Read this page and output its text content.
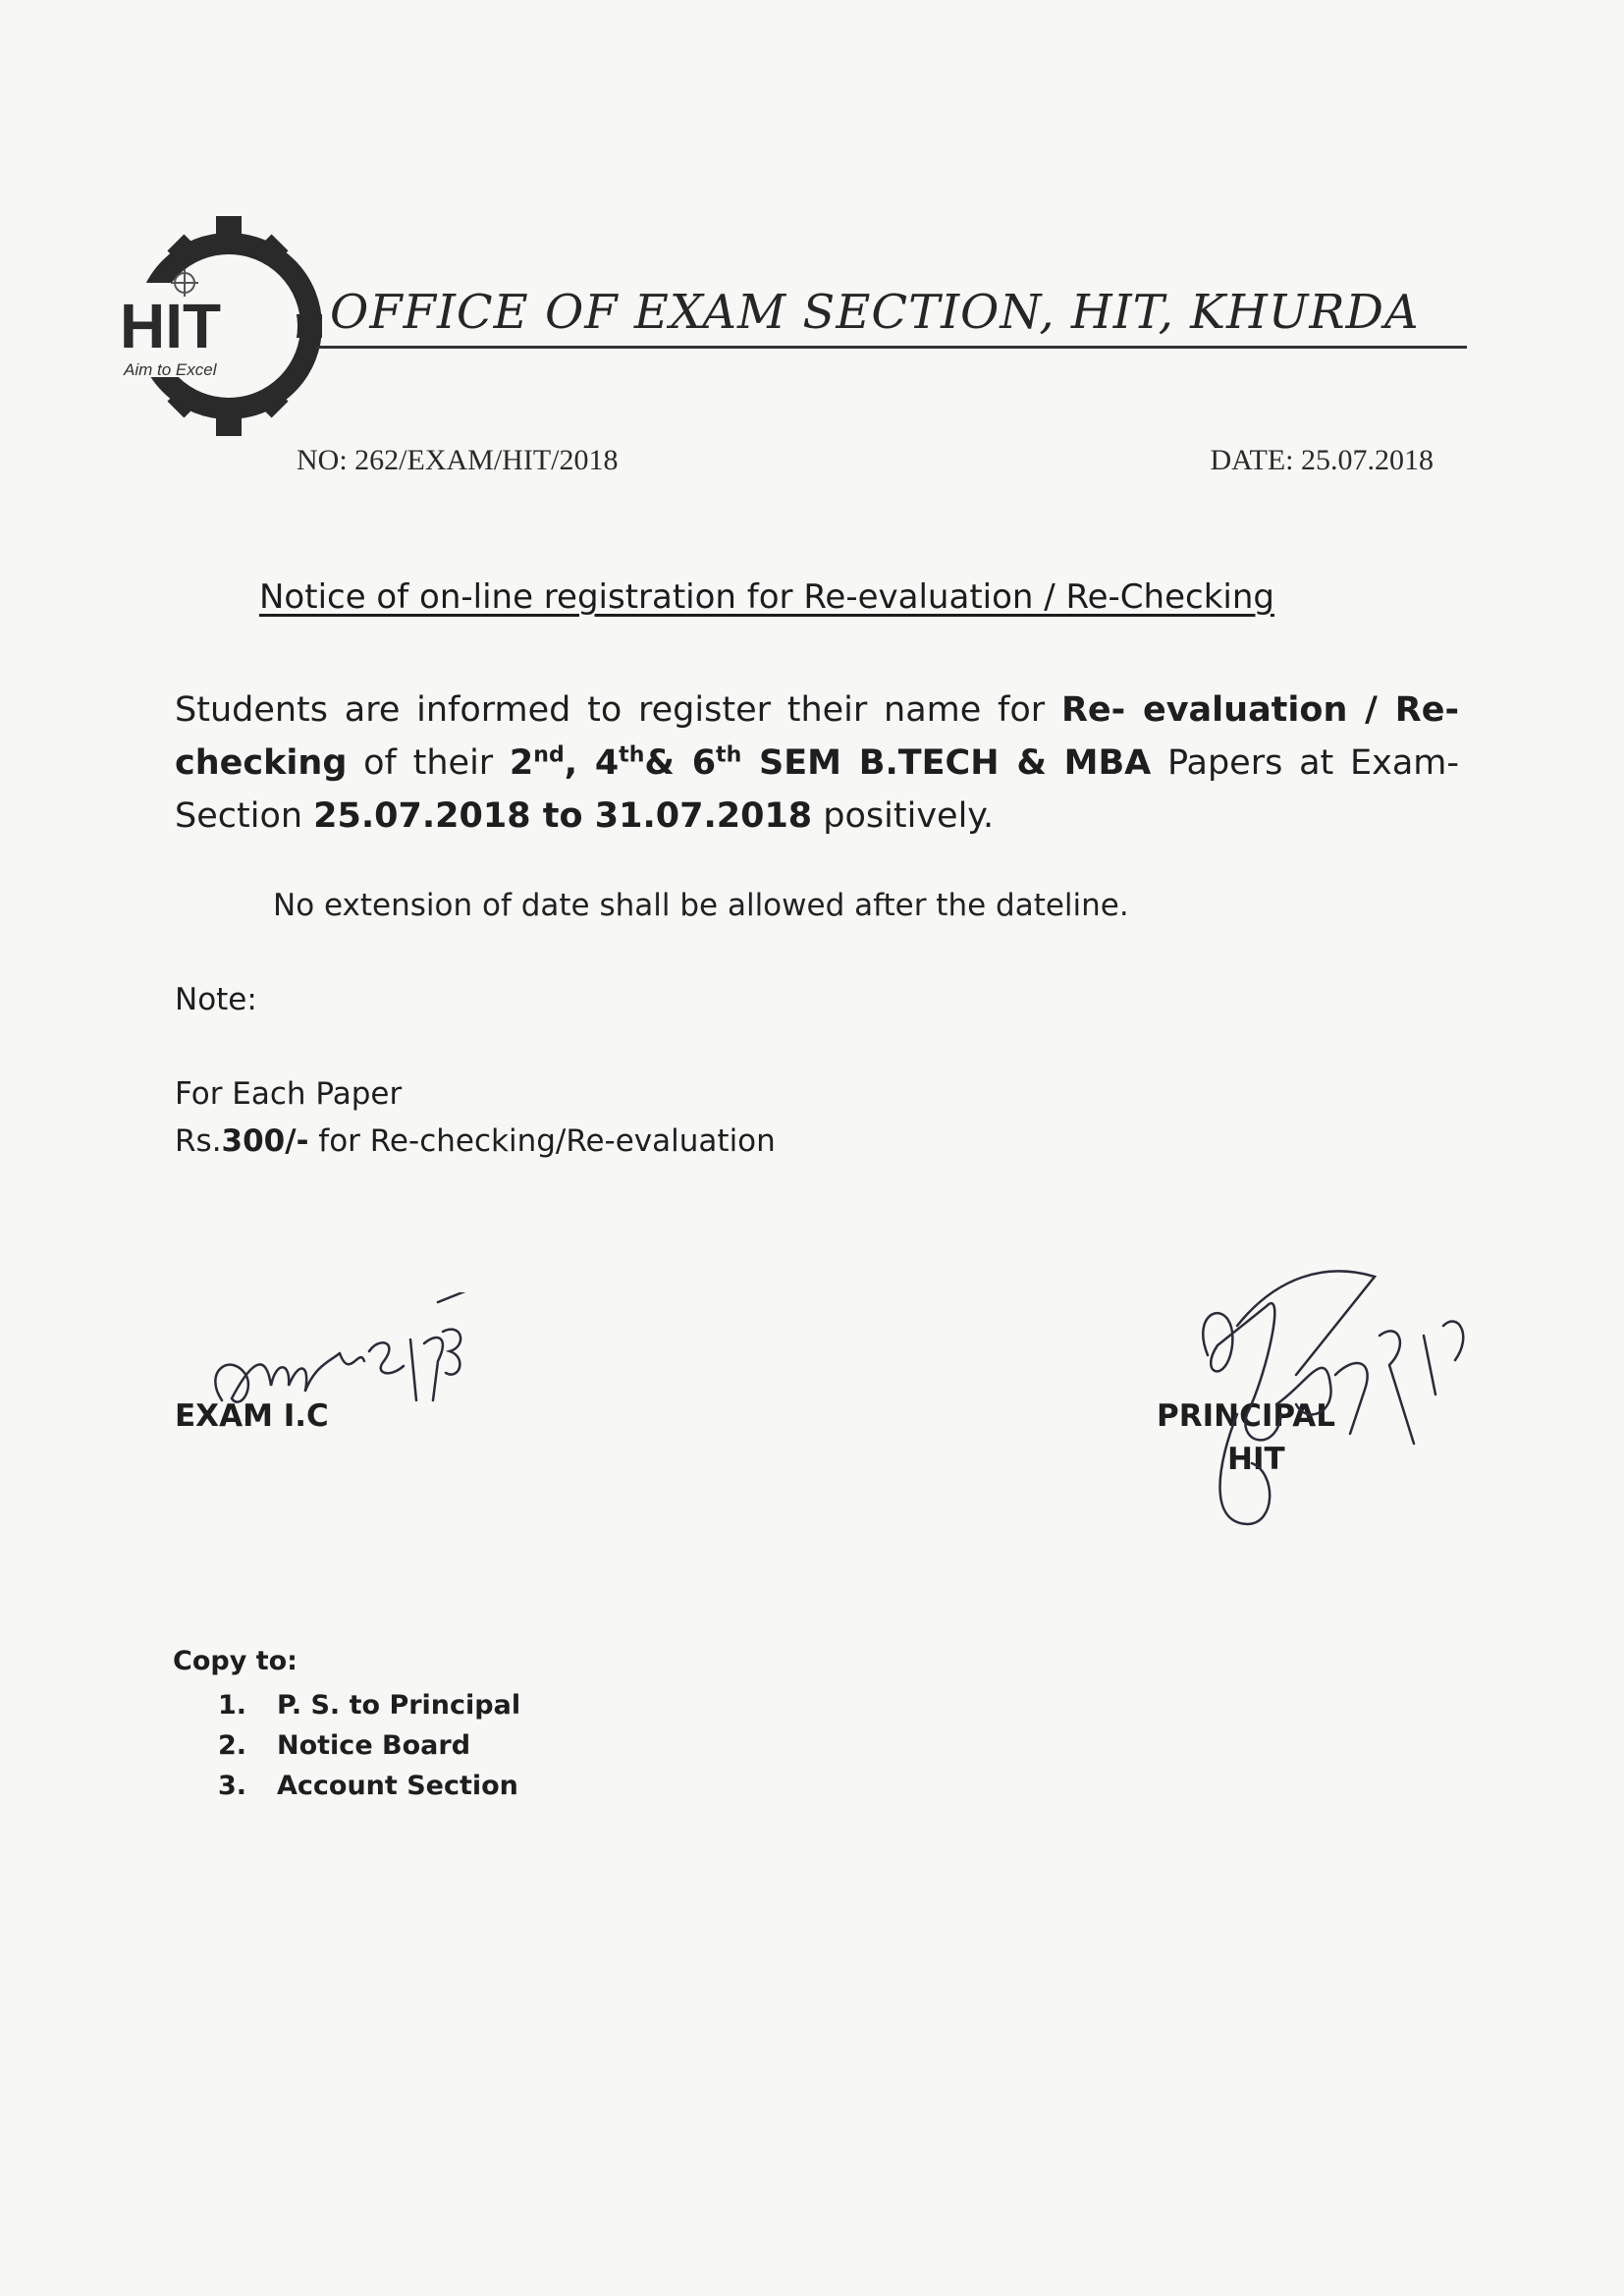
HIT
Aim to Excel
OFFICE OF EXAM SECTION, HIT, KHURDA
NO: 262/EXAM/HIT/2018	DATE: 25.07.2018
Notice of on-line registration for Re-evaluation / Re-Checking
Students are informed to register their name for Re- evaluation / Re-checking of their 2nd, 4th& 6th SEM B.TECH & MBA Papers at Exam-Section 25.07.2018 to 31.07.2018 positively.
No extension of date shall be allowed after the dateline.
Note:
For Each Paper
Rs.300/- for Re-checking/Re-evaluation
EXAM I.C	PRINCIPAL
HIT
Copy to:
1. P. S. to Principal
2. Notice Board
3. Account Section
